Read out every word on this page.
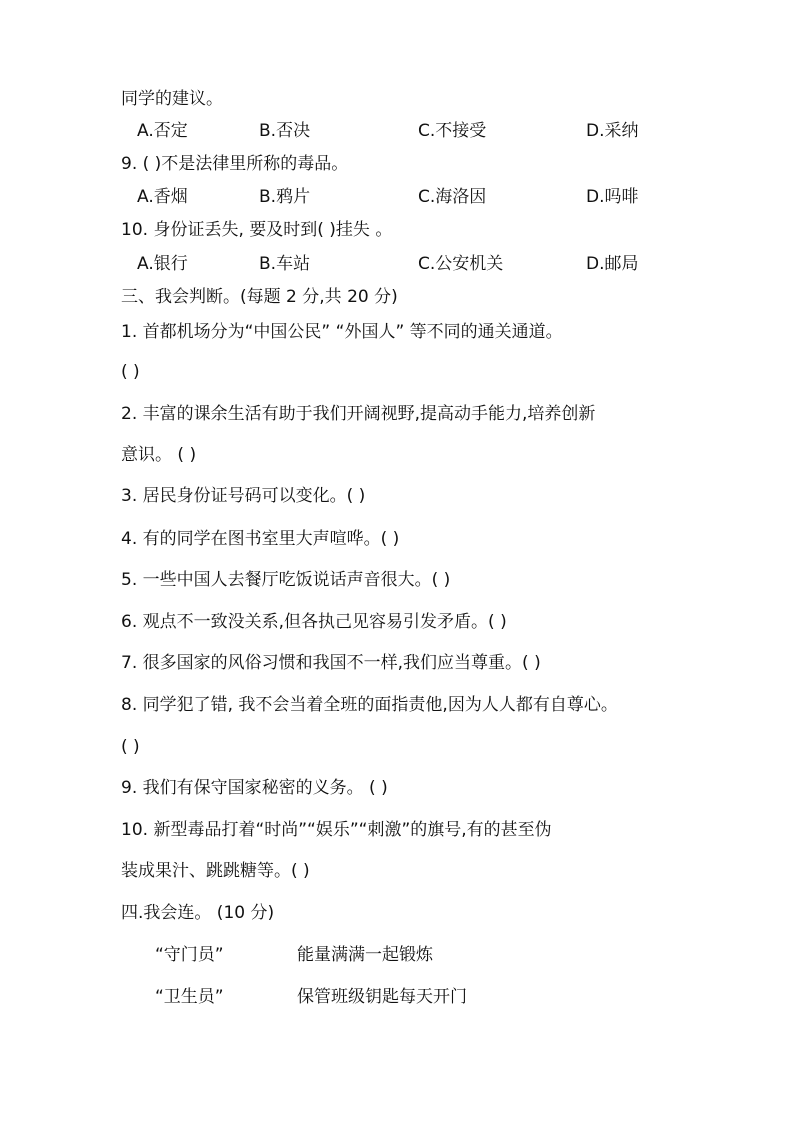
同学的建议。
A.否定	B.否决	C.不接受	D.采纳
9. ( )不是法律里所称的毒品。
A.香烟	B.鸦片	C.海洛因	D.吗啡
10. 身份证丢失, 要及时到( )挂失 。
A.银行	B.车站	C.公安机关	D.邮局
三、我会判断。(每题 2 分,共 20 分)
1. 首都机场分为“中国公民” “外国人” 等不同的通关通道。
( )
2. 丰富的课余生活有助于我们开阔视野,提高动手能力,培养创新
意识。 ( )
3. 居民身份证号码可以变化。( )
4. 有的同学在图书室里大声喧哗。( )
5. 一些中国人去餐厅吃饭说话声音很大。( )
6. 观点不一致没关系,但各执己见容易引发矛盾。( )
7. 很多国家的风俗习惯和我国不一样,我们应当尊重。( )
8. 同学犯了错, 我不会当着全班的面指责他,因为人人都有自尊心。
( )
9. 我们有保守国家秘密的义务。 ( )
10. 新型毒品打着“时尚”“娱乐”“刺激”的旗号,有的甚至伪
装成果汁、跳跳糖等。( )
四.我会连。 (10 分)
“守门员”	能量满满一起锻炼
“卫生员”	保管班级钥匙每天开门
